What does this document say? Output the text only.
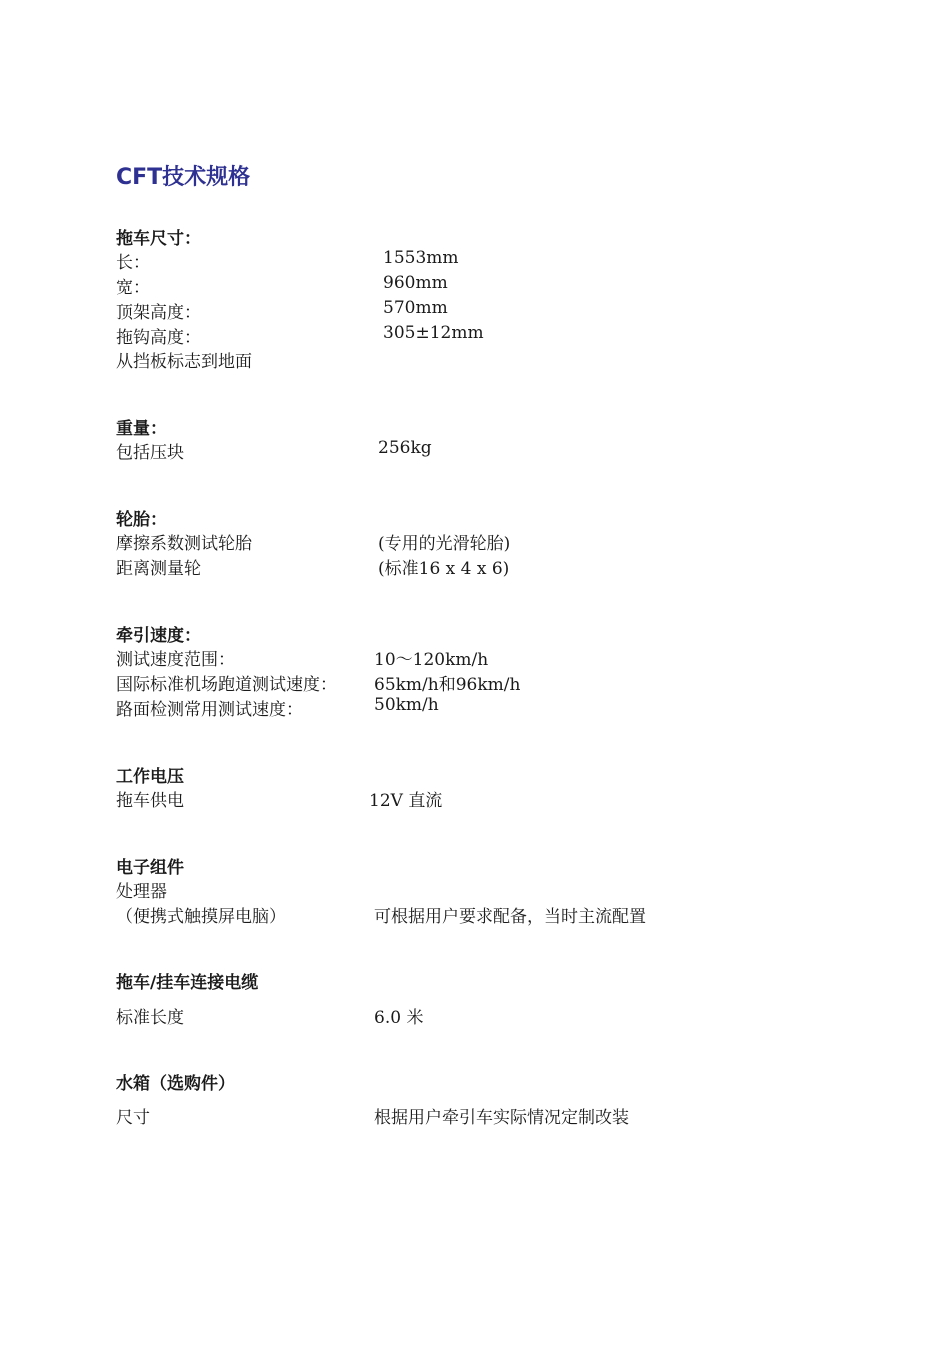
CFT技术规格
拖车尺寸：
长：	1553mm
宽：	960mm
顶架高度：	570mm
拖钩高度：	305±12mm
从挡板标志到地面
重量：
包括压块	256kg
轮胎：
摩擦系数测试轮胎	(专用的光滑轮胎)
距离测量轮	(标准16 x 4 x 6)
牵引速度：
测试速度范围：	10～120km/h
国际标准机场跑道测试速度： 65km/h和96km/h
路面检测常用测试速度：	50km/h
工作电压
拖车供电	12V 直流
电子组件
处理器
（便携式触摸屏电脑）	可根据用户要求配备，当时主流配置
拖车/挂车连接电缆
标准长度	6.0 米
水箱（选购件）
尺寸	根据用户牵引车实际情况定制改装
